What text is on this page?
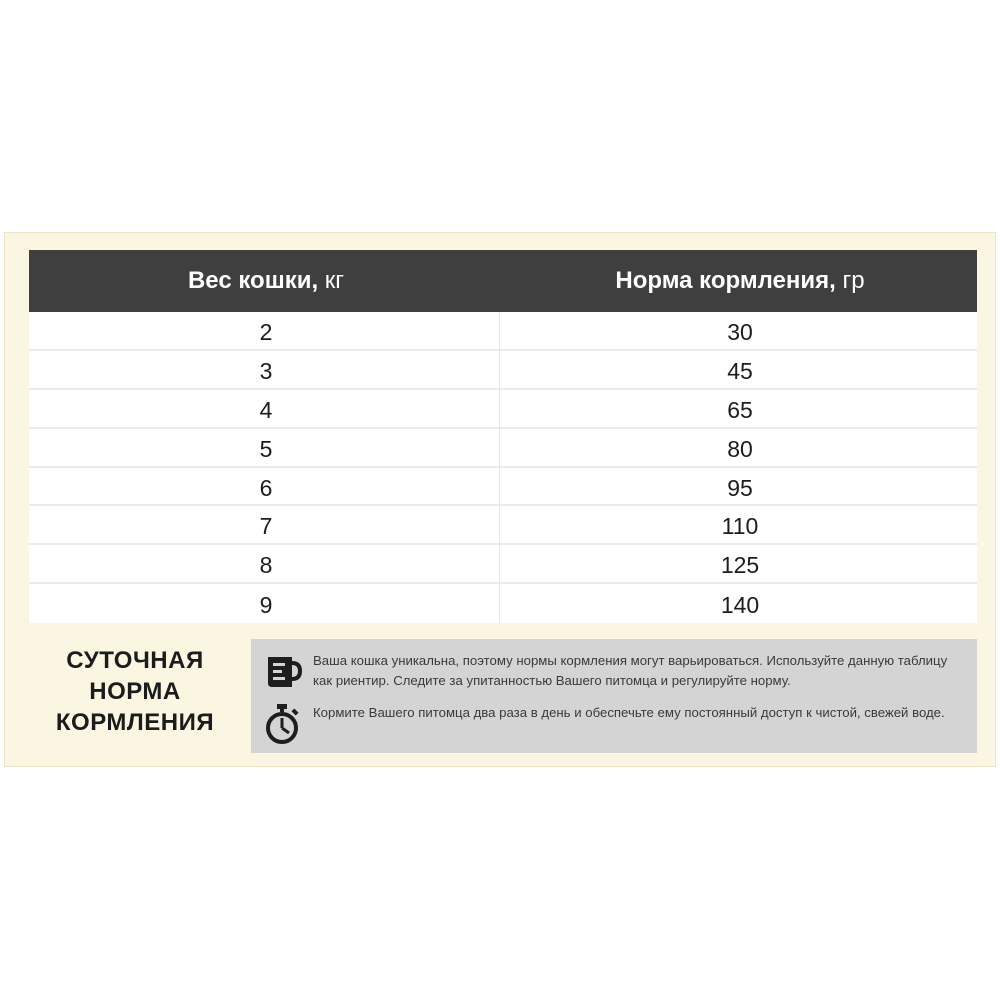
Вес кошки, кг	Норма кормления, гр
2	30
3	45
4	65
5	80
6	95
7	110
8	125
9	140
СУТОЧНАЯ
НОРМА
КОРМЛЕНИЯ
Ваша кошка уникальна, поэтому нормы кормления могут варьироваться. Используйте данную таблицу как риентир. Следите за упитанностью Вашего питомца и регулируйте норму.
Кормите Вашего питомца два раза в день и обеспечьте ему постоянный доступ к чистой, свежей воде.
